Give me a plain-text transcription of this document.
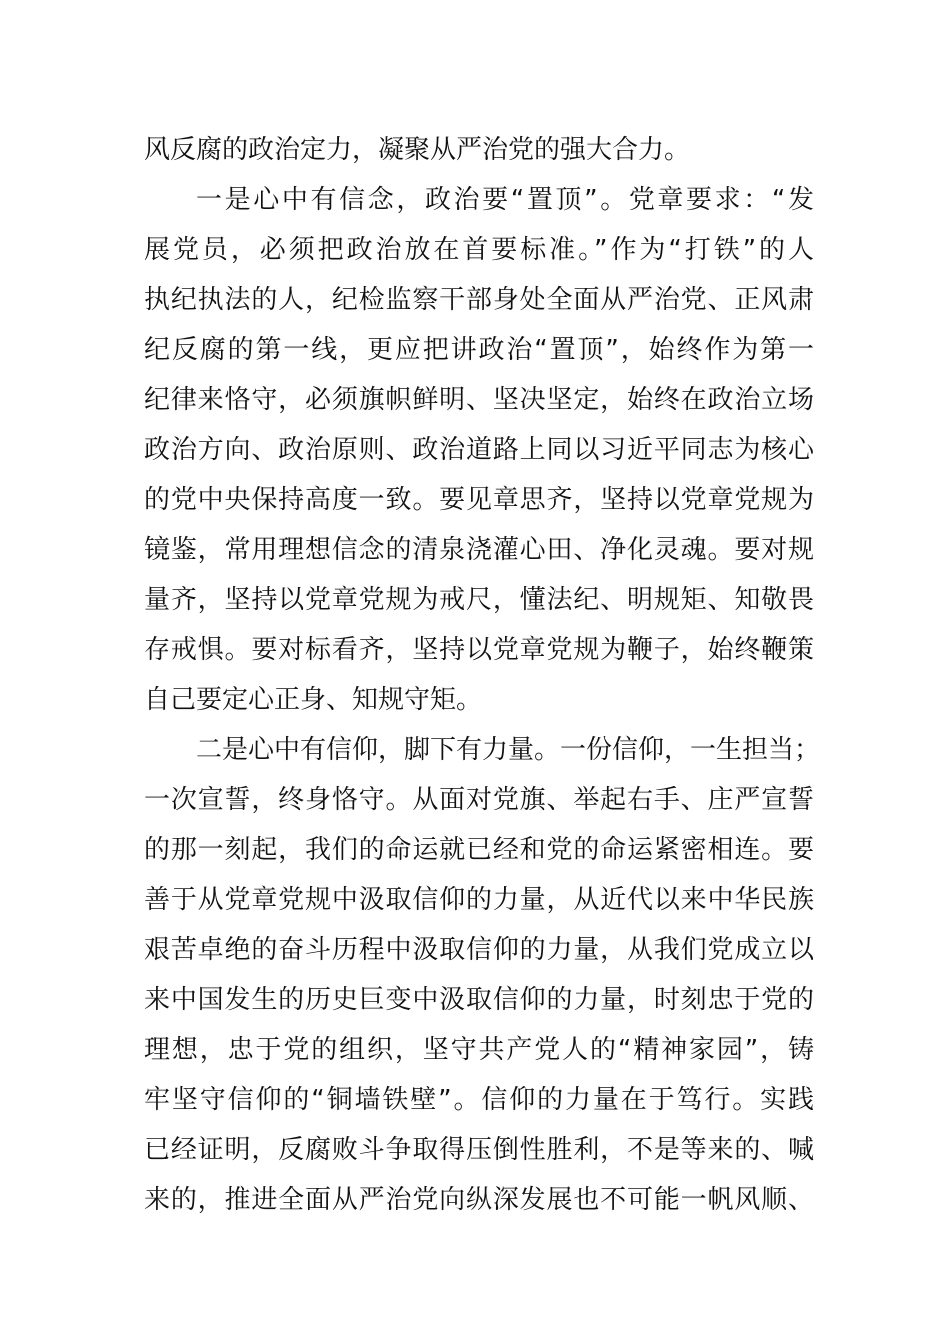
风反腐的政治定力，凝聚从严治党的强大合力。
一是心中有信念，政治要“置顶”。党章要求：“发
展党员，必须把政治放在首要标准。”作为“打铁”的人
执纪执法的人，纪检监察干部身处全面从严治党、正风肃
纪反腐的第一线，更应把讲政治“置顶”，始终作为第一
纪律来恪守，必须旗帜鲜明、坚决坚定，始终在政治立场
政治方向、政治原则、政治道路上同以习近平同志为核心
的党中央保持高度一致。要见章思齐，坚持以党章党规为
镜鉴，常用理想信念的清泉浇灌心田、净化灵魂。要对规
量齐，坚持以党章党规为戒尺，懂法纪、明规矩、知敬畏
存戒惧。要对标看齐，坚持以党章党规为鞭子，始终鞭策
自己要定心正身、知规守矩。
二是心中有信仰，脚下有力量。一份信仰，一生担当；
一次宣誓，终身恪守。从面对党旗、举起右手、庄严宣誓
的那一刻起，我们的命运就已经和党的命运紧密相连。要
善于从党章党规中汲取信仰的力量，从近代以来中华民族
艰苦卓绝的奋斗历程中汲取信仰的力量，从我们党成立以
来中国发生的历史巨变中汲取信仰的力量，时刻忠于党的
理想，忠于党的组织，坚守共产党人的“精神家园”，铸
牢坚守信仰的“铜墙铁壁”。信仰的力量在于笃行。实践
已经证明，反腐败斗争取得压倒性胜利，不是等来的、喊
来的，推进全面从严治党向纵深发展也不可能一帆风顺、
